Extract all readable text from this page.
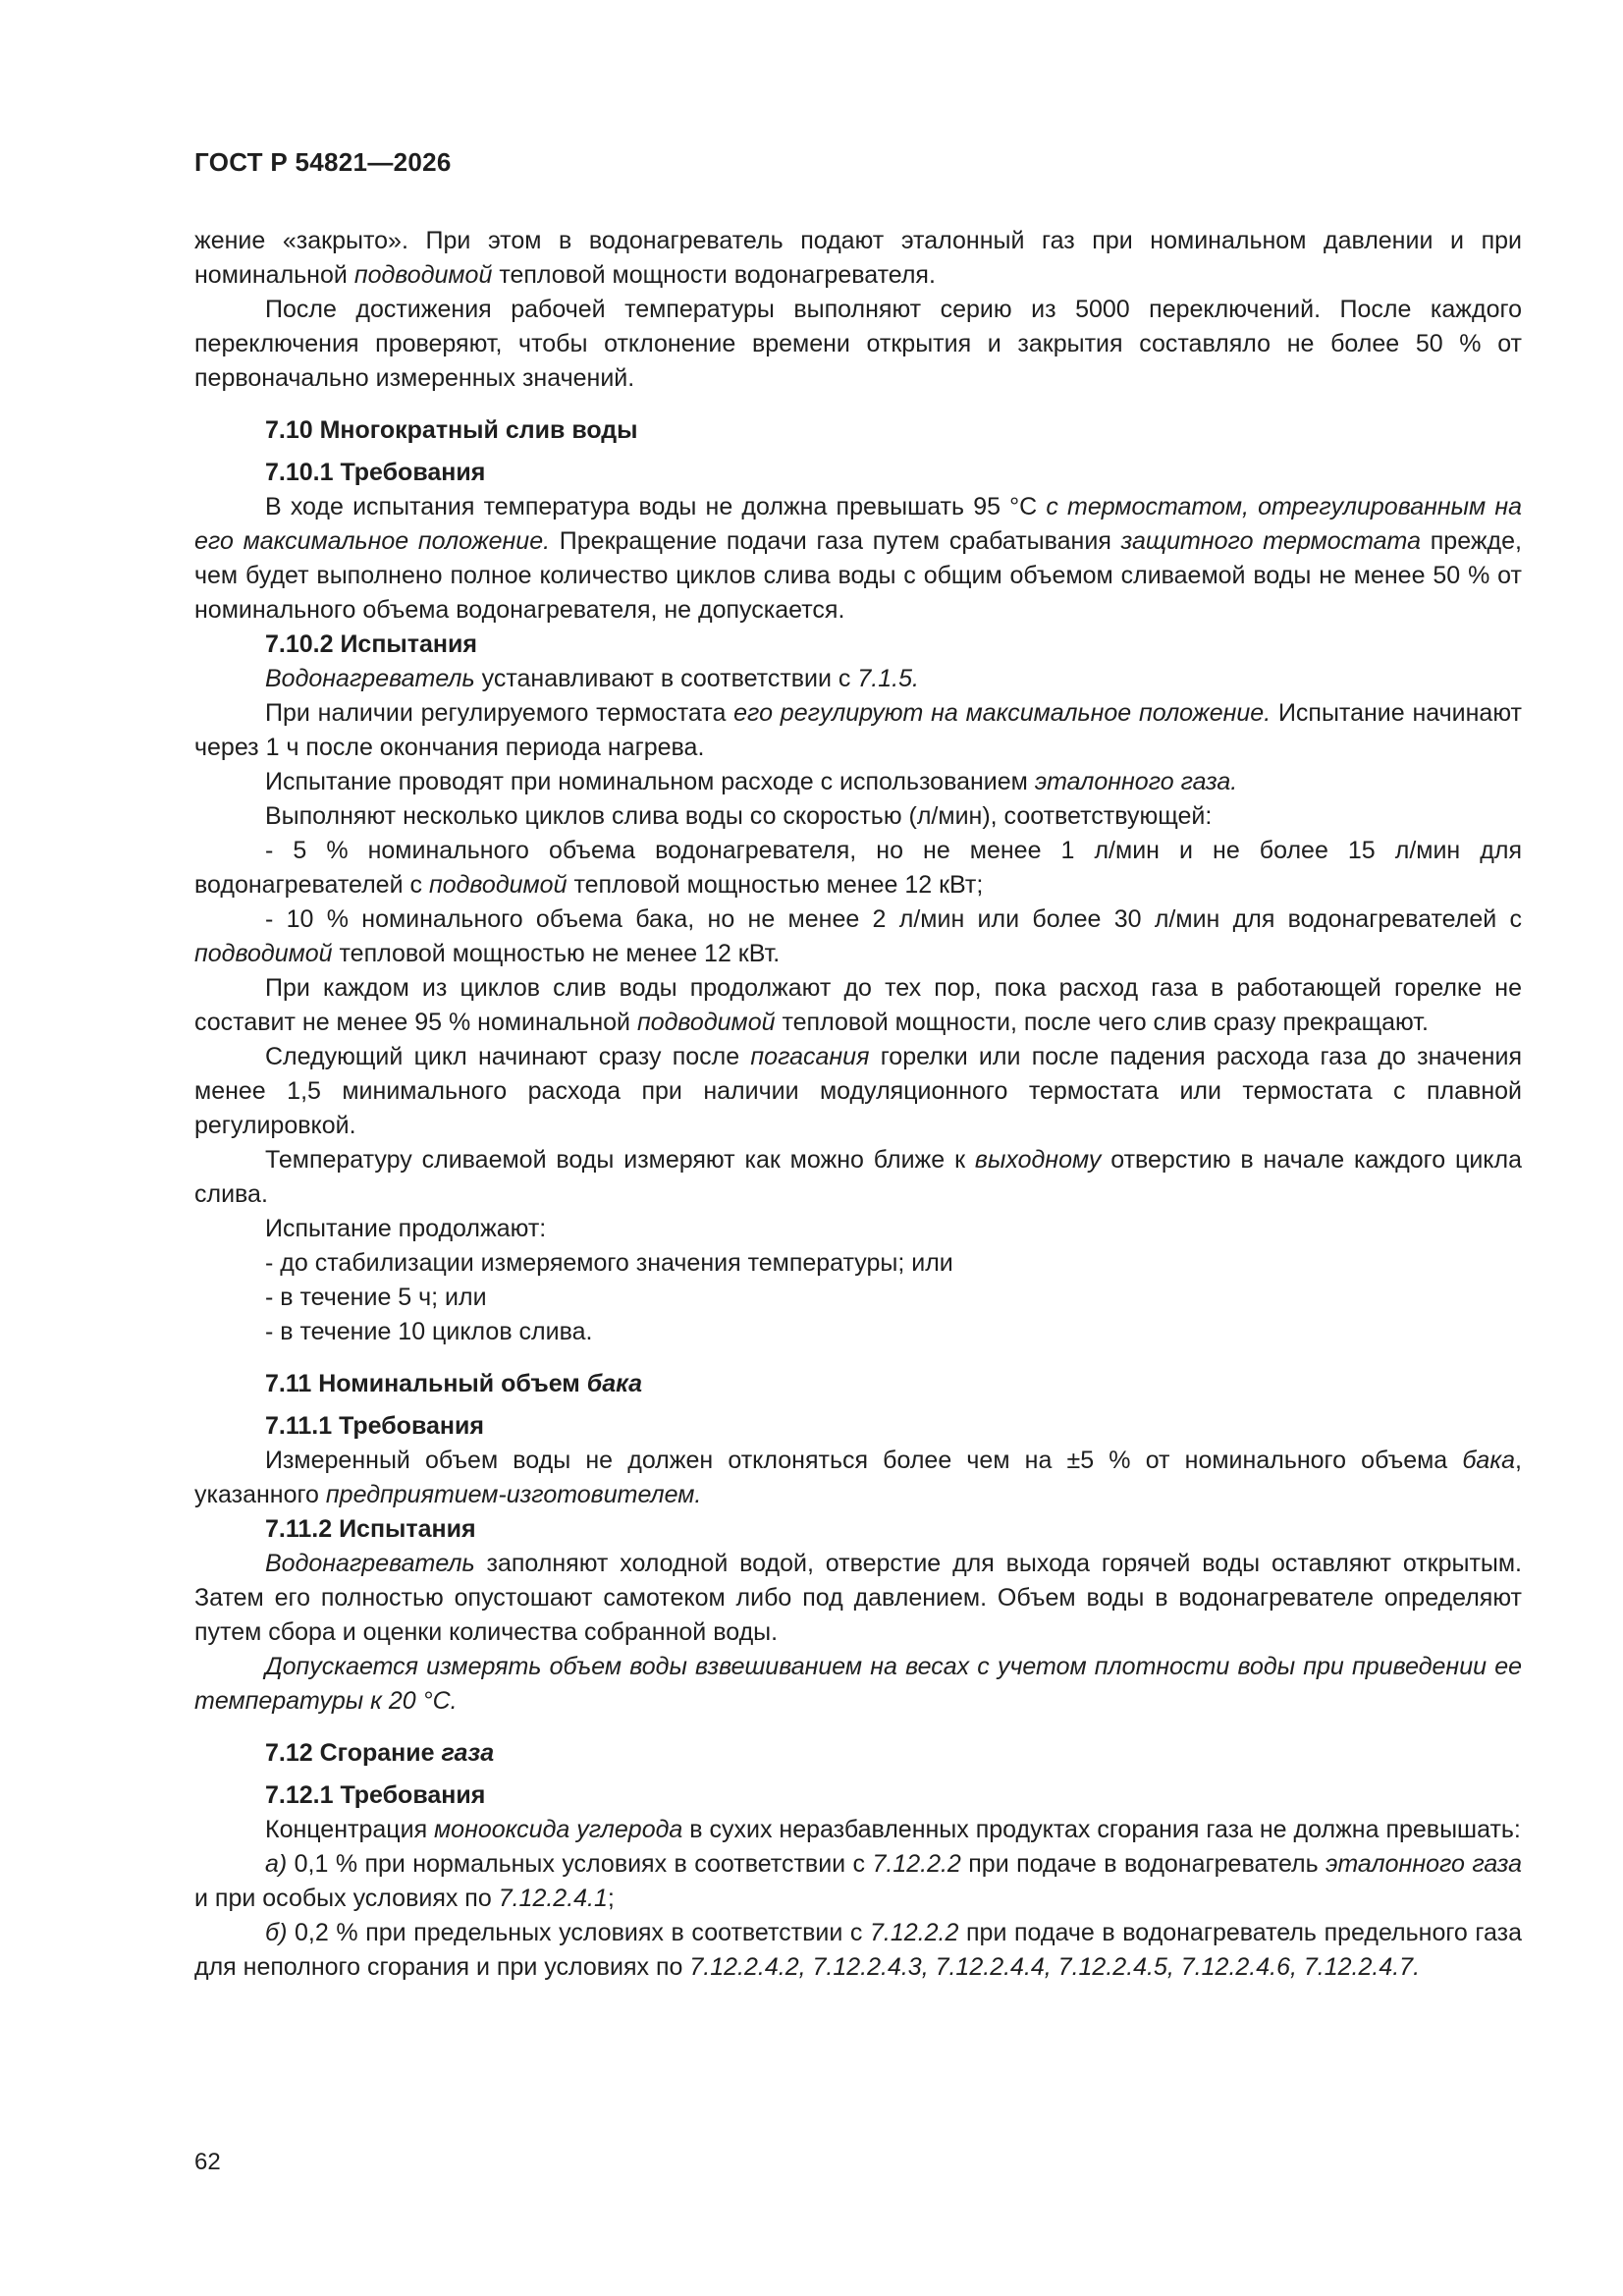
ГОСТ Р 54821—2026

жение «закрыто». При этом в водонагреватель подают эталонный газ при номинальном давлении и при номинальной подводимой тепловой мощности водонагревателя.

После достижения рабочей температуры выполняют серию из 5000 переключений. После каждого переключения проверяют, чтобы отклонение времени открытия и закрытия составляло не более 50 % от первоначально измеренных значений.

7.10 Многократный слив воды

7.10.1 Требования

В ходе испытания температура воды не должна превышать 95 °С с термостатом, отрегулированным на его максимальное положение. Прекращение подачи газа путем срабатывания защитного термостата прежде, чем будет выполнено полное количество циклов слива воды с общим объемом сливаемой воды не менее 50 % от номинального объема водонагревателя, не допускается.

7.10.2 Испытания

Водонагреватель устанавливают в соответствии с 7.1.5.

При наличии регулируемого термостата его регулируют на максимальное положение. Испытание начинают через 1 ч после окончания периода нагрева.

Испытание проводят при номинальном расходе с использованием эталонного газа.

Выполняют несколько циклов слива воды со скоростью (л/мин), соответствующей:

- 5 % номинального объема водонагревателя, но не менее 1 л/мин и не более 15 л/мин для водонагревателей с подводимой тепловой мощностью менее 12 кВт;

- 10 % номинального объема бака, но не менее 2 л/мин или более 30 л/мин для водонагревателей с подводимой тепловой мощностью не менее 12 кВт.

При каждом из циклов слив воды продолжают до тех пор, пока расход газа в работающей горелке не составит не менее 95 % номинальной подводимой тепловой мощности, после чего слив сразу прекращают.

Следующий цикл начинают сразу после погасания горелки или после падения расхода газа до значения менее 1,5 минимального расхода при наличии модуляционного термостата или термостата с плавной регулировкой.

Температуру сливаемой воды измеряют как можно ближе к выходному отверстию в начале каждого цикла слива.

Испытание продолжают:

- до стабилизации измеряемого значения температуры; или

- в течение 5 ч; или

- в течение 10 циклов слива.

7.11 Номинальный объем бака

7.11.1 Требования

Измеренный объем воды не должен отклоняться более чем на ±5 % от номинального объема бака, указанного предприятием-изготовителем.

7.11.2 Испытания

Водонагреватель заполняют холодной водой, отверстие для выхода горячей воды оставляют открытым. Затем его полностью опустошают самотеком либо под давлением. Объем воды в водонагревателе определяют путем сбора и оценки количества собранной воды.

Допускается измерять объем воды взвешиванием на весах с учетом плотности воды при приведении ее температуры к 20 °С.

7.12 Сгорание газа

7.12.1 Требования

Концентрация монооксида углерода в сухих неразбавленных продуктах сгорания газа не должна превышать:

а) 0,1 % при нормальных условиях в соответствии с 7.12.2.2 при подаче в водонагреватель эталонного газа и при особых условиях по 7.12.2.4.1;

б) 0,2 % при предельных условиях в соответствии с 7.12.2.2 при подаче в водонагреватель предельного газа для неполного сгорания и при условиях по 7.12.2.4.2, 7.12.2.4.3, 7.12.2.4.4, 7.12.2.4.5, 7.12.2.4.6, 7.12.2.4.7.

62
